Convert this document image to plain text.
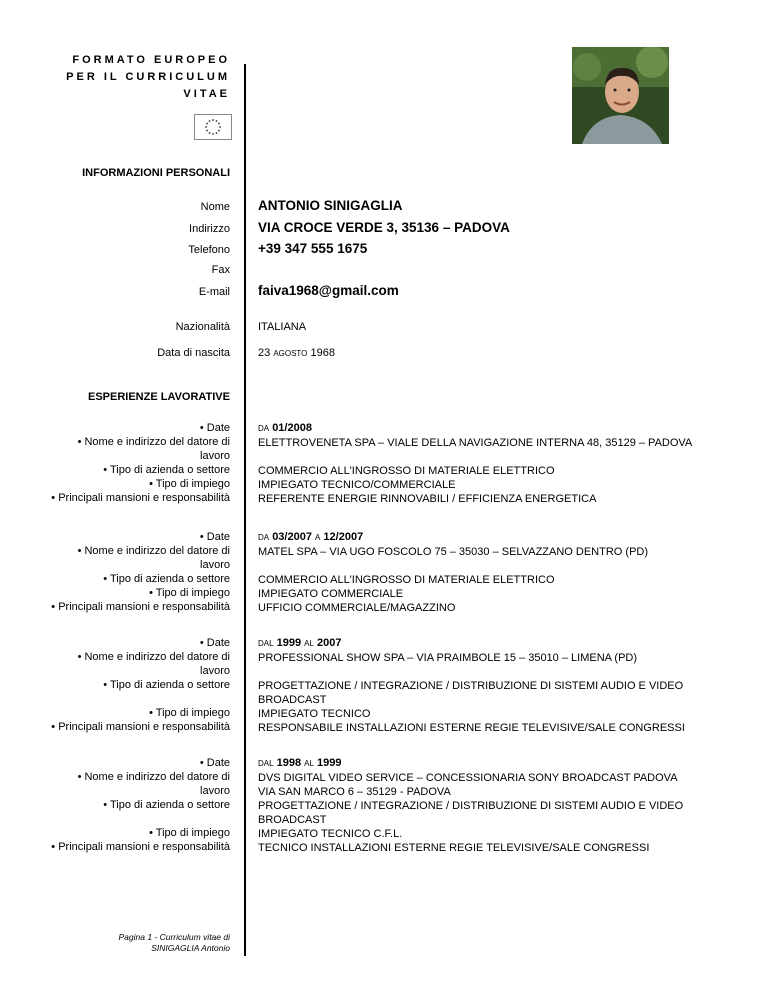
FORMATO EUROPEO
PER IL CURRICULUM
VITAE
INFORMAZIONI PERSONALI
Nome ANTONIO SINIGAGLIA
Indirizzo VIA CROCE VERDE 3, 35136 – PADOVA
Telefono +39 347 555 1675
Fax
E-mail faiva1968@gmail.com
Nazionalità	ITALIANA
Data di nascita	23 AGOSTO 1968
ESPERIENZE LAVORATIVE
• Date
• Nome e indirizzo del datore di
lavoro
• Tipo di azienda o settore
• Tipo di impiego
• Principali mansioni e responsabilità
DA 01/2008
ELETTROVENETA SPA – VIALE DELLA NAVIGAZIONE INTERNA 48, 35129 – PADOVA

COMMERCIO ALL'INGROSSO DI MATERIALE ELETTRICO
IMPIEGATO TECNICO/COMMERCIALE
REFERENTE ENERGIE RINNOVABILI / EFFICIENZA ENERGETICA
• Date
• Nome e indirizzo del datore di
lavoro
• Tipo di azienda o settore
• Tipo di impiego
• Principali mansioni e responsabilità
DA 03/2007 A 12/2007
MATEL SPA – VIA UGO FOSCOLO 75 – 35030 – SELVAZZANO DENTRO (PD)

COMMERCIO ALL'INGROSSO DI MATERIALE ELETTRICO
IMPIEGATO COMMERCIALE
UFFICIO COMMERCIALE/MAGAZZINO
• Date
• Nome e indirizzo del datore di
lavoro
• Tipo di azienda o settore

• Tipo di impiego
• Principali mansioni e responsabilità
DAL 1999 AL 2007
PROFESSIONAL SHOW SPA – VIA PRAIMBOLE 15 – 35010 – LIMENA (PD)

PROGETTAZIONE / INTEGRAZIONE / DISTRIBUZIONE DI SISTEMI AUDIO E VIDEO
BROADCAST
IMPIEGATO TECNICO
RESPONSABILE INSTALLAZIONI ESTERNE REGIE TELEVISIVE/SALE CONGRESSI
• Date
• Nome e indirizzo del datore di
lavoro
• Tipo di azienda o settore

• Tipo di impiego
• Principali mansioni e responsabilità
DAL 1998 AL 1999
DVS DIGITAL VIDEO SERVICE – CONCESSIONARIA SONY BROADCAST PADOVA
VIA SAN MARCO 6 – 35129 - PADOVA
PROGETTAZIONE / INTEGRAZIONE / DISTRIBUZIONE DI SISTEMI AUDIO E VIDEO
BROADCAST
IMPIEGATO TECNICO C.F.L.
TECNICO INSTALLAZIONI ESTERNE REGIE TELEVISIVE/SALE CONGRESSI
Pagina 1 - Curriculum vitae di
SINIGAGLIA Antonio
